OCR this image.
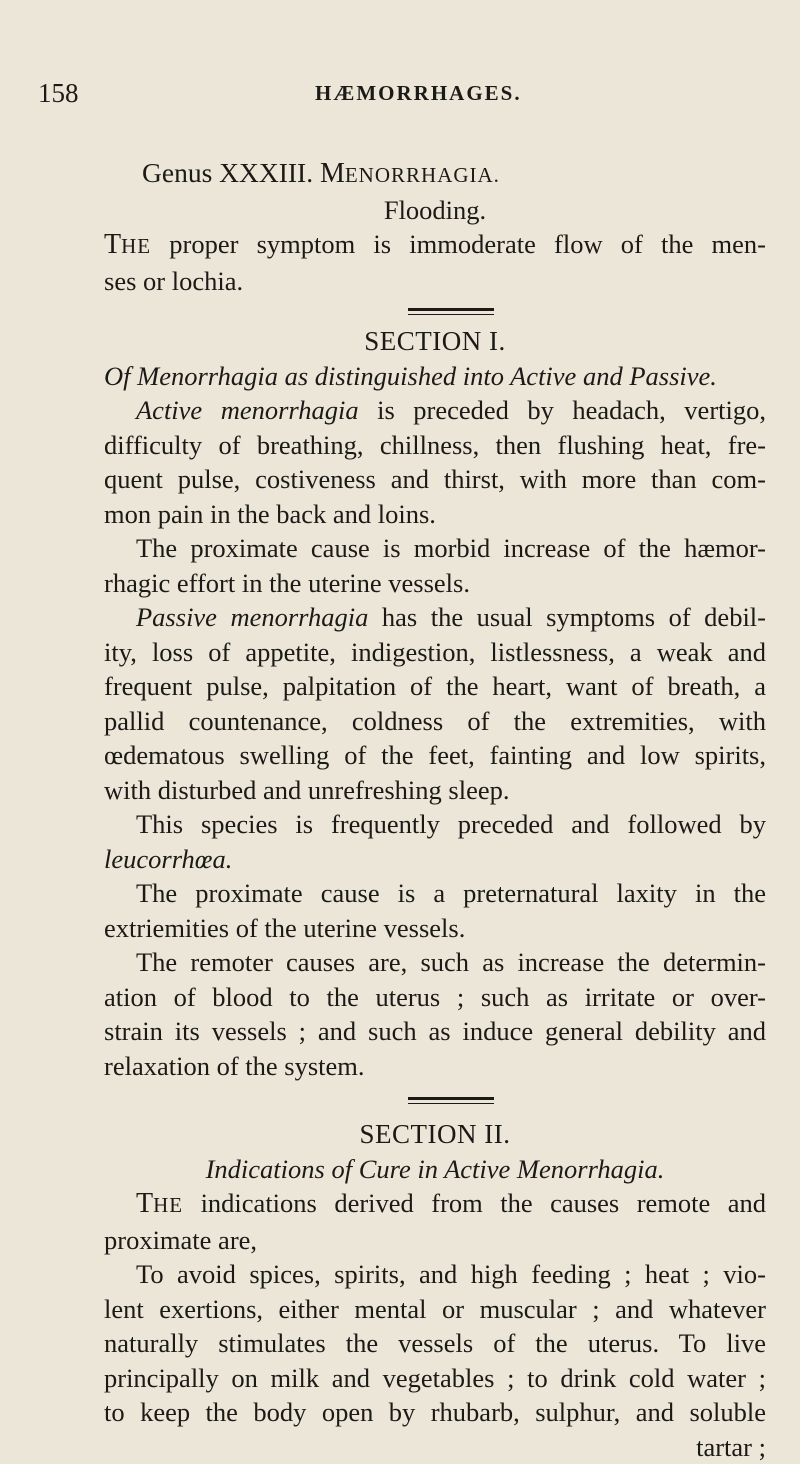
158	HÆMORRHAGES.
Genus XXXIII. MENORRHAGIA.
Flooding.
THE proper symptom is immoderate flow of the men-
ses or lochia.
SECTION I.
Of Menorrhagia as distinguished into Active and Passive.
Active menorrhagia is preceded by headach, vertigo,
difficulty of breathing, chillness, then flushing heat, fre-
quent pulse, costiveness and thirst, with more than com-
mon pain in the back and loins.
The proximate cause is morbid increase of the hæmor-
rhagic effort in the uterine vessels.
Passive menorrhagia has the usual symptoms of debil-
ity, loss of appetite, indigestion, listlessness, a weak and
frequent pulse, palpitation of the heart, want of breath, a
pallid countenance, coldness of the extremities, with
œdematous swelling of the feet, fainting and low spirits,
with disturbed and unrefreshing sleep.
This species is frequently preceded and followed by
leucorrhœa.
The proximate cause is a preternatural laxity in the
extriemities of the uterine vessels.
The remoter causes are, such as increase the determin-
ation of blood to the uterus ; such as irritate or over-
strain its vessels ; and such as induce general debility and
relaxation of the system.
SECTION II.
Indications of Cure in Active Menorrhagia.
THE indications derived from the causes remote and
proximate are,
To avoid spices, spirits, and high feeding ; heat ; vio-
lent exertions, either mental or muscular ; and whatever
naturally stimulates the vessels of the uterus. To live
principally on milk and vegetables ; to drink cold water ;
to keep the body open by rhubarb, sulphur, and soluble
tartar ;
